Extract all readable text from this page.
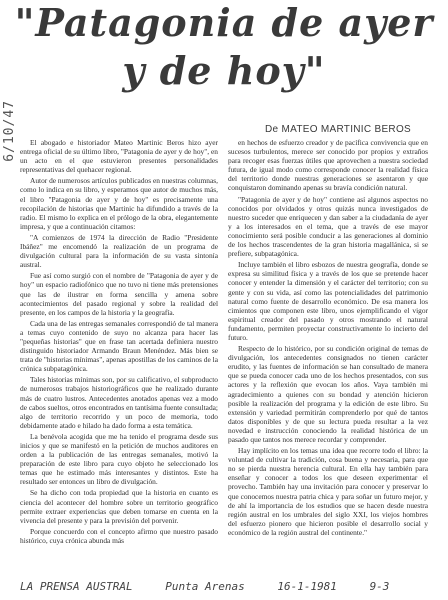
"Patagonia de ayer
y de hoy"
De MATEO MARTINIC BEROS
6/10/47	El abogado e historiador Mateo Martinic Beros hizo ayer entrega oficial de su último libro, "Patagonia de ayer y de hoy", en un acto en el que estuvieron presentes personalidades representativas del quehacer regional.

Autor de numerosos artículos publicados en nuestras columnas, como lo indica en su libro, y esperamos que autor de muchos más, el libro "Patagonia de ayer y de hoy" es precisamente una recopilación de historias que Martinic ha difundido a través de la radio. El mismo lo explica en el prólogo de la obra, elegantemente impresa, y que a continuación citamos:

"A comienzos de 1974 la dirección de Radio "Presidente Ibáñez" me encomendó la realización de un programa de divulgación cultural para la información de su vasta sintonía austral.

Fue así como surgió con el nombre de "Patagonia de ayer y de hoy" un espacio radiofónico que no tuvo ni tiene más pretensiones que las de ilustrar en forma sencilla y amena sobre acontecimientos del pasado regional y sobre la realidad del presente, en los campos de la historia y la geografía.

Cada una de las entregas semanales correspondió de tal manera a temas cuyo contenido de suyo no alcanza para hacer las "pequeñas historias" que en frase tan acertada definiera nuestro distinguido historiador Armando Braun Menéndez. Más bien se trata de "historias mínimas", apenas apostillas de los caminos de la crónica subpatagónica.

Tales historias mínimas son, por su calificativo, el subproducto de numerosos trabajos historiográficos que he realizado durante más de cuatro lustros. Antecedentes anotados apenas vez a modo de cabos sueltos, otros encontrados en tantísima fuente consultada; algo de territorio recorrido y un poco de memoria, todo debidamente atado e hilado ha dado forma a esta temática.

La benévola acogida que me ha tenido el programa desde sus inicios y que se manifestó en la petición de muchos auditores en orden a la publicación de las entregas semanales, motivó la preparación de este libro para cuyo objeto he seleccionado los temas que he estimado más interesantes y distintos. Este ha resultado ser entonces un libro de divulgación.

Se ha dicho con toda propiedad que la historia en cuanto es ciencia del acontecer del hombre sobre un territorio geográfico permite extraer experiencias que deben tomarse en cuenta en la vivencia del presente y para la previsión del porvenir.

Porque concuerdo con el concepto afirmo que nuestro pasado histórico, cuya crónica abunda más

en hechos de esfuerzo creador y de pacífica convivencia que en sucesos turbulentos, merece ser conocido por propios y extraños para recoger esas fuerzas útiles que aprovechen a nuestra sociedad futura, de igual modo como corresponde conocer la realidad física del territorio donde nuestras generaciones se asentaron y que conquistaron dominando apenas su bravía condición natural.

"Patagonia de ayer y de hoy" contiene así algunos aspectos no conocidos por olvidados y otros quizás nunca investigados de nuestro suceder que enriquecen y dan saber a la ciudadanía de ayer y a los interesados en el tema, que a través de ese mayor conocimiento será posible conducir a las generaciones al dominio de los hechos trascendentes de la gran historia magallánica, si se prefiere, subpatagónica.

Incluye también el libro esbozos de nuestra geografía, donde se expresa su similitud física y a través de los que se pretende hacer conocer y entender la dimensión y el carácter del territorio; con su gente y con su vida, así como las potencialidades del patrimonio natural como fuente de desarrollo económico. De esa manera los cimientos que componen este libro, unos ejemplificando el vigor espiritual creador del pasado y otros mostrando el natural fundamento, permiten proyectar constructivamente lo incierto del futuro.

Respecto de lo histórico, por su condición original de temas de divulgación, los antecedentes consignados no tienen carácter erudito, y las fuentes de información se han consultado de manera que se pueda conocer cada uno de los hechos presentados, con sus actores y la reflexión que evocan los años. Vaya también mi agradecimiento a quienes con su bondad y atención hicieron posible la realización del programa y la edición de este libro. Su extensión y variedad permitirán comprenderlo por qué de tantos datos disponibles y de que su lectura pueda resultar a la vez novedad e instrucción conociendo la realidad histórica de un pasado que tantos nos merece recordar y comprender.

Hay implícito en los temas una idea que recorre todo el libro: la voluntad de cultivar la tradición, cosa buena y necesaria, para que no se pierda nuestra herencia cultural. En ella hay también para enseñar y conocer a todos los que deseen experimentar el provecho. También hay una invitación para conocer y preservar lo que conocemos nuestra patria chica y para soñar un futuro mejor, y de ahí la importancia de los estudios que se hacen desde nuestra región austral en los umbrales del siglo XXI, los viejos hombres del esfuerzo pionero que hicieron posible el desarrollo social y económico de la región austral del continente."

LA PRENSA AUSTRAL	Punta Arenas	16-1-1981	9-3
